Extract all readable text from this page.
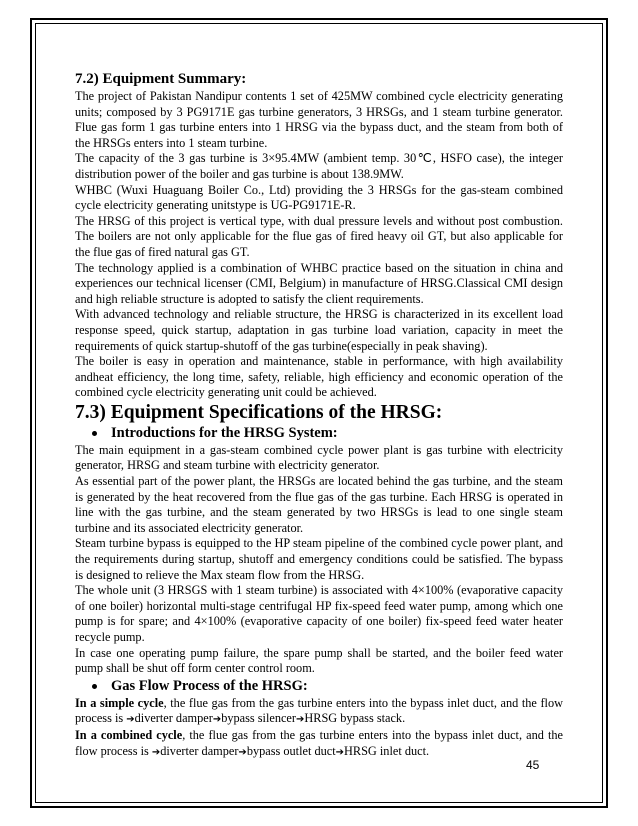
7.2) Equipment Summary:

The project of Pakistan Nandipur contents 1 set of 425MW combined cycle electricity generating units; composed by 3 PG9171E gas turbine generators, 3 HRSGs, and 1 steam turbine generator. Flue gas form 1 gas turbine enters into 1 HRSG via the bypass duct, and the steam from both of the HRSGs enters into 1 steam turbine.

The capacity of the 3 gas turbine is 3×95.4MW (ambient temp. 30℃, HSFO case), the integer distribution power of the boiler and gas turbine is about 138.9MW.

WHBC (Wuxi Huaguang Boiler Co., Ltd) providing the 3 HRSGs for the gas-steam combined cycle electricity generating unitstype is UG-PG9171E-R.

The HRSG of this project is vertical type, with dual pressure levels and without post combustion. The boilers are not only applicable for the flue gas of fired heavy oil GT, but also applicable for the flue gas of fired natural gas GT.

The technology applied is a combination of WHBC practice based on the situation in china and experiences our technical licenser (CMI, Belgium) in manufacture of HRSG.Classical CMI design and high reliable structure is adopted to satisfy the client requirements.

With advanced technology and reliable structure, the HRSG is characterized in its excellent load response speed, quick startup, adaptation in gas turbine load variation, capacity in meet the requirements of quick startup-shutoff of the gas turbine(especially in peak shaving).

The boiler is easy in operation and maintenance, stable in performance, with high availability andheat efficiency, the long time, safety, reliable, high efficiency and economic operation of the combined cycle electricity generating unit could be achieved.

7.3) Equipment Specifications of the HRSG:
Introductions for the HRSG System:

The main equipment in a gas-steam combined cycle power plant is gas turbine with electricity generator, HRSG and steam turbine with electricity generator.

As essential part of the power plant, the HRSGs are located behind the gas turbine, and the steam is generated by the heat recovered from the flue gas of the gas turbine. Each HRSG is operated in line with the gas turbine, and the steam generated by two HRSGs is lead to one single steam turbine and its associated electricity generator.

Steam turbine bypass is equipped to the HP steam pipeline of the combined cycle power plant, and the requirements during startup, shutoff and emergency conditions could be satisfied. The bypass is designed to relieve the Max steam flow from the HRSG.

The whole unit (3 HRSGS with 1 steam turbine) is associated with 4×100% (evaporative capacity of one boiler) horizontal multi-stage centrifugal HP fix-speed feed water pump, among which one pump is for spare; and 4×100% (evaporative capacity of one boiler) fix-speed feed water heater recycle pump.

In case one operating pump failure, the spare pump shall be started, and the boiler feed water pump shall be shut off form center control room.

Gas Flow Process of the HRSG:

In a simple cycle, the flue gas from the gas turbine enters into the bypass inlet duct, and the flow process is ➔diverter damper➔bypass silencer➔HRSG bypass stack.

In a combined cycle, the flue gas from the gas turbine enters into the bypass inlet duct, and the flow process is ➔diverter damper➔bypass outlet duct➔HRSG inlet duct.

45
